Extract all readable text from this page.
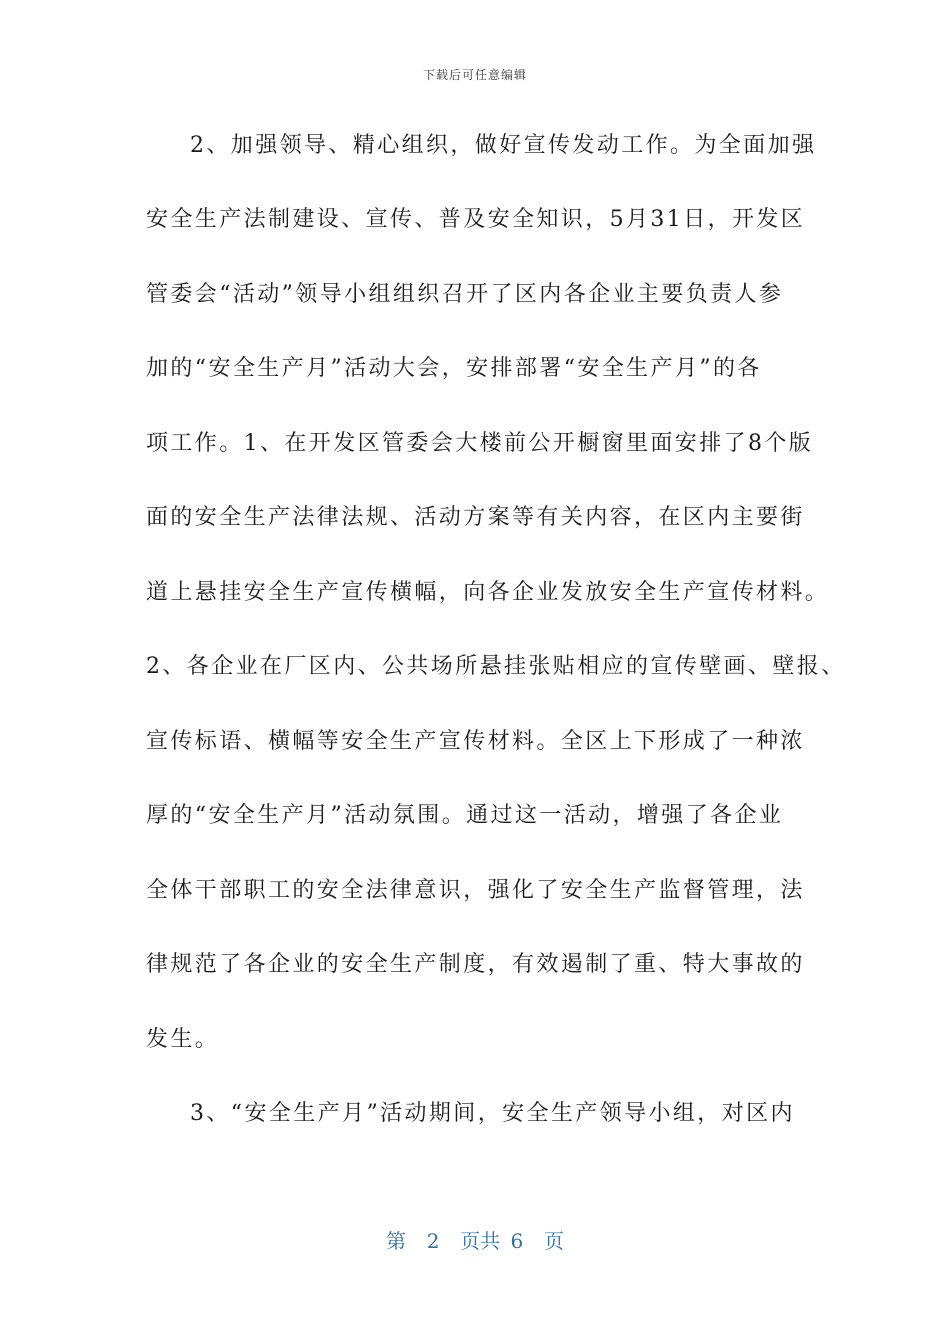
下载后可任意编辑
2、加强领导、精心组织，做好宣传发动工作。为全面加强
安全生产法制建设、宣传、普及安全知识，5月31日，开发区
管委会“活动”领导小组组织召开了区内各企业主要负责人参
加的“安全生产月”活动大会，安排部署“安全生产月”的各
项工作。1、在开发区管委会大楼前公开橱窗里面安排了8个版
面的安全生产法律法规、活动方案等有关内容，在区内主要街
道上悬挂安全生产宣传横幅，向各企业发放安全生产宣传材料。
2、各企业在厂区内、公共场所悬挂张贴相应的宣传壁画、壁报、
宣传标语、横幅等安全生产宣传材料。全区上下形成了一种浓
厚的“安全生产月”活动氛围。通过这一活动，增强了各企业
全体干部职工的安全法律意识，强化了安全生产监督管理，法
律规范了各企业的安全生产制度，有效遏制了重、特大事故的
发生。
3、“安全生产月”活动期间，安全生产领导小组，对区内
第  2  页共 6  页
